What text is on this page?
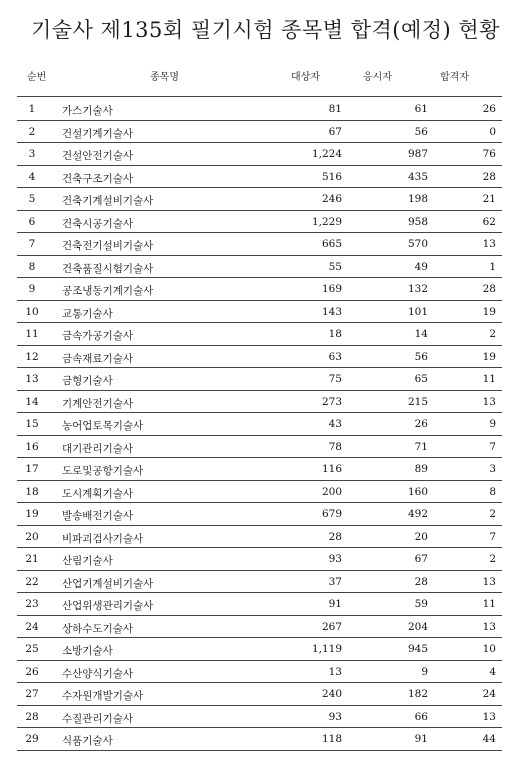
기술사 제135회 필기시험 종목별 합격(예정) 현황
순번	종목명	대상자	응시자	합격자
1	가스기술사	81	61	26
2	건설기계기술사	67	56	0
3	건설안전기술사	1,224	987	76
4	건축구조기술사	516	435	28
5	건축기계설비기술사	246	198	21
6	건축시공기술사	1,229	958	62
7	건축전기설비기술사	665	570	13
8	건축품질시험기술사	55	49	1
9	공조냉동기계기술사	169	132	28
10	교통기술사	143	101	19
11	금속가공기술사	18	14	2
12	금속재료기술사	63	56	19
13	금형기술사	75	65	11
14	기계안전기술사	273	215	13
15	농어업토목기술사	43	26	9
16	대기관리기술사	78	71	7
17	도로및공항기술사	116	89	3
18	도시계획기술사	200	160	8
19	발송배전기술사	679	492	2
20	비파괴검사기술사	28	20	7
21	산림기술사	93	67	2
22	산업기계설비기술사	37	28	13
23	산업위생관리기술사	91	59	11
24	상하수도기술사	267	204	13
25	소방기술사	1,119	945	10
26	수산양식기술사	13	9	4
27	수자원개발기술사	240	182	24
28	수질관리기술사	93	66	13
29	식품기술사	118	91	44
